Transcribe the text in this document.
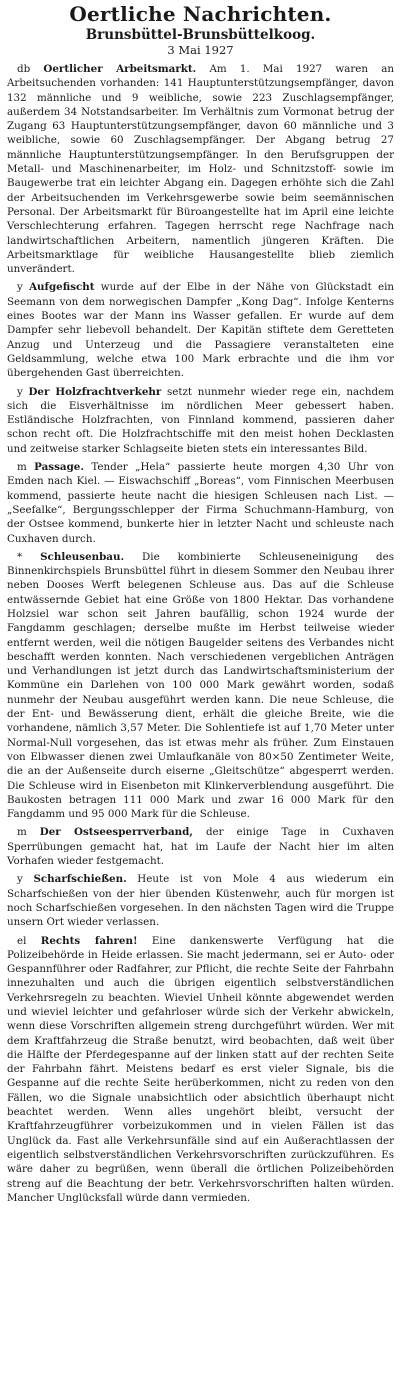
Oertliche Nachrichten.
Brunsbüttel-Brunsbüttelkoog.
3 Mai 1927

db Oertlicher Arbeitsmarkt. Am 1. Mai 1927 waren an Arbeitsuchenden vorhanden: 141 Hauptunterstützungsempfänger, davon 132 männliche und 9 weibliche, sowie 223 Zuschlagsempfänger, außerdem 34 Notstandsarbeiter. Im Verhältnis zum Vormonat betrug der Zugang 63 Hauptunterstützungsempfänger, davon 60 männliche und 3 weibliche, sowie 60 Zuschlagsempfänger. Der Abgang betrug 27 männliche Hauptunterstützungsempfänger. In den Berufsgruppen der Metall- und Maschinenarbeiter, im Holz- und Schnitzstoff- sowie im Baugewerbe trat ein leichter Abgang ein. Dagegen erhöhte sich die Zahl der Arbeitsuchenden im Verkehrsgewerbe sowie beim seemännischen Personal. Der Arbeitsmarkt für Büroangestellte hat im April eine leichte Verschlechterung erfahren. Tagegen herrscht rege Nachfrage nach landwirtschaftlichen Arbeitern, namentlich jüngeren Kräften. Die Arbeitsmarktlage für weibliche Hausangestellte blieb ziemlich unverändert.

y Aufgefischt wurde auf der Elbe in der Nähe von Glückstadt ein Seemann von dem norwegischen Dampfer „Kong Dag“. Infolge Kenterns eines Bootes war der Mann ins Wasser gefallen. Er wurde auf dem Dampfer sehr liebevoll behandelt. Der Kapitän stiftete dem Geretteten Anzug und Unterzeug und die Passagiere veranstalteten eine Geldsammlung, welche etwa 100 Mark erbrachte und die ihm vor übergehenden Gast überreichten.

y Der Holzfrachtverkehr setzt nunmehr wieder rege ein, nachdem sich die Eisverhältnisse im nördlichen Meer gebessert haben. Estländische Holzfrachten, von Finnland kommend, passieren daher schon recht oft. Die Holzfrachtschiffe mit den meist hohen Decklasten und zeitweise starker Schlagseite bieten stets ein interessantes Bild.

m Passage. Tender „Hela“ passierte heute morgen 4,30 Uhr von Emden nach Kiel. — Eiswachschiff „Boreas“, vom Finnischen Meerbusen kommend, passierte heute nacht die hiesigen Schleusen nach List. — „Seefalke“, Bergungsschlepper der Firma Schuchmann-Hamburg, von der Ostsee kommend, bunkerte hier in letzter Nacht und schleuste nach Cuxhaven durch.

* Schleusenbau. Die kombinierte Schleuseneinigung des Binnenkirchspiels Brunsbüttel führt in diesem Sommer den Neubau ihrer neben Dooses Werft belegenen Schleuse aus. Das auf die Schleuse entwässernde Gebiet hat eine Größe von 1800 Hektar. Das vorhandene Holzsiel war schon seit Jahren baufällig, schon 1924 wurde der Fangdamm geschlagen; derselbe mußte im Herbst teilweise wieder entfernt werden, weil die nötigen Baugelder seitens des Verbandes nicht beschafft werden konnten. Nach verschiedenen vergeblichen Anträgen und Verhandlungen ist jetzt durch das Landwirtschaftsministerium der Kommüne ein Darlehen von 100 000 Mark gewährt worden, sodaß nunmehr der Neubau ausgeführt werden kann. Die neue Schleuse, die der Ent- und Bewässerung dient, erhält die gleiche Breite, wie die vorhandene, nämlich 3,57 Meter. Die Sohlentiefe ist auf 1,70 Meter unter Normal-Null vorgesehen, das ist etwas mehr als früher. Zum Einstauen von Elbwasser dienen zwei Umlaufkanäle von 80×50 Zentimeter Weite, die an der Außenseite durch eiserne „Gleitschütze“ abgesperrt werden. Die Schleuse wird in Eisenbeton mit Klinkerverblendung ausgeführt. Die Baukosten betragen 111 000 Mark und zwar 16 000 Mark für den Fangdamm und 95 000 Mark für die Schleuse.

m Der Ostseesperrverband, der einige Tage in Cuxhaven Sperrübungen gemacht hat, hat im Laufe der Nacht hier im alten Vorhafen wieder festgemacht.

y Scharfschießen. Heute ist von Mole 4 aus wiederum ein Scharfschießen von der hier übenden Küstenwehr, auch für morgen ist noch Scharfschießen vorgesehen. In den nächsten Tagen wird die Truppe unsern Ort wieder verlassen.

el Rechts fahren! Eine dankenswerte Verfügung hat die Polizeibehörde in Heide erlassen. Sie macht jedermann, sei er Auto- oder Gespannführer oder Radfahrer, zur Pflicht, die rechte Seite der Fahrbahn innezuhalten und auch die übrigen eigentlich selbstverständlichen Verkehrsregeln zu beachten. Wieviel Unheil könnte abgewendet werden und wieviel leichter und gefahrloser würde sich der Verkehr abwickeln, wenn diese Vorschriften allgemein streng durchgeführt würden. Wer mit dem Kraftfahrzeug die Straße benutzt, wird beobachten, daß weit über die Hälfte der Pferdegespanne auf der linken statt auf der rechten Seite der Fahrbahn fährt. Meistens bedarf es erst vieler Signale, bis die Gespanne auf die rechte Seite herüberkommen, nicht zu reden von den Fällen, wo die Signale unabsichtlich oder absichtlich überhaupt nicht beachtet werden. Wenn alles ungehört bleibt, versucht der Kraftfahrzeugführer vorbeizukommen und in vielen Fällen ist das Unglück da. Fast alle Verkehrsunfälle sind auf ein Außerachtlassen der eigentlich selbstverständlichen Verkehrsvorschriften zurückzuführen. Es wäre daher zu begrüßen, wenn überall die örtlichen Polizeibehörden streng auf die Beachtung der betr. Verkehrsvorschriften halten würden. Mancher Unglücksfall würde dann vermieden.
